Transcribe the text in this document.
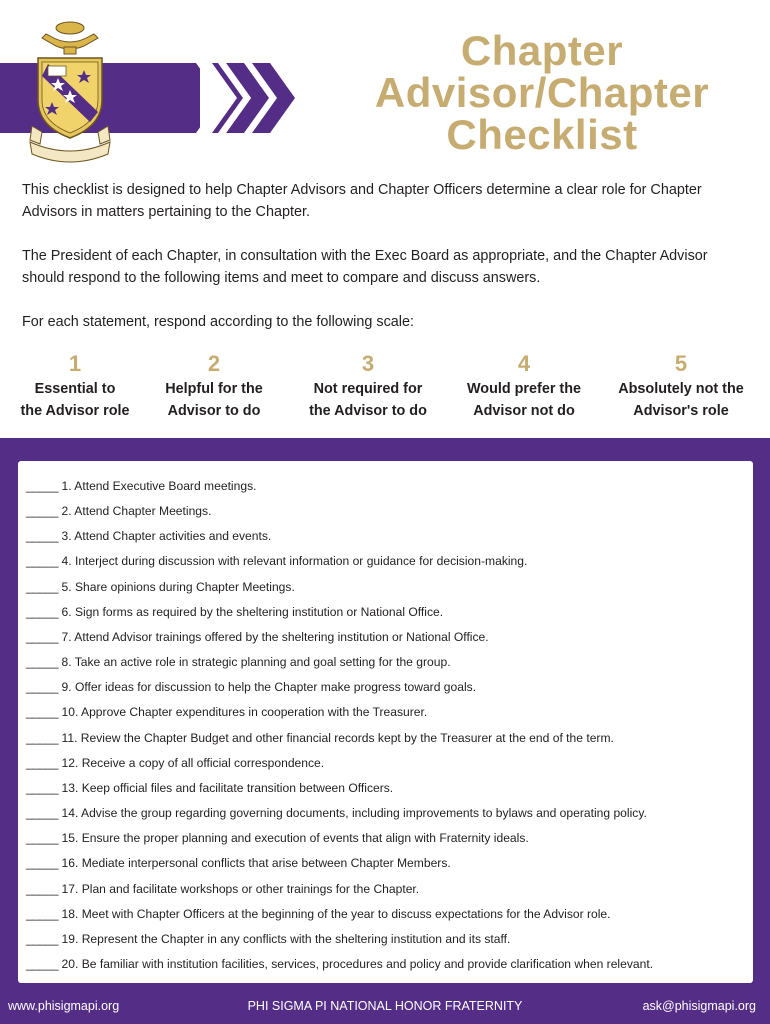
Chapter
Advisor/Chapter
Checklist

This checklist is designed to help Chapter Advisors and Chapter Officers determine a clear role for Chapter Advisors in matters pertaining to the Chapter.

The President of each Chapter, in consultation with the Exec Board as appropriate, and the Chapter Advisor should respond to the following items and meet to compare and discuss answers.

For each statement, respond according to the following scale:

1
Essential to
the Advisor role
2
Helpful for the
Advisor to do
3
Not required for
the Advisor to do
4
Would prefer the
Advisor not do
5
Absolutely not the
Advisor's role
_____ 1. Attend Executive Board meetings.
_____ 2. Attend Chapter Meetings.
_____ 3. Attend Chapter activities and events.
_____ 4. Interject during discussion with relevant information or guidance for decision-making.
_____ 5. Share opinions during Chapter Meetings.
_____ 6. Sign forms as required by the sheltering institution or National Office.
_____ 7. Attend Advisor trainings offered by the sheltering institution or National Office.
_____ 8. Take an active role in strategic planning and goal setting for the group.
_____ 9. Offer ideas for discussion to help the Chapter make progress toward goals.
_____ 10. Approve Chapter expenditures in cooperation with the Treasurer.
_____ 11. Review the Chapter Budget and other financial records kept by the Treasurer at the end of the term.
_____ 12. Receive a copy of all official correspondence.
_____ 13. Keep official files and facilitate transition between Officers.
_____ 14. Advise the group regarding governing documents, including improvements to bylaws and operating policy.
_____ 15. Ensure the proper planning and execution of events that align with Fraternity ideals.
_____ 16. Mediate interpersonal conflicts that arise between Chapter Members.
_____ 17. Plan and facilitate workshops or other trainings for the Chapter.
_____ 18. Meet with Chapter Officers at the beginning of the year to discuss expectations for the Advisor role.
_____ 19. Represent the Chapter in any conflicts with the sheltering institution and its staff.
_____ 20. Be familiar with institution facilities, services, procedures and policy and provide clarification when relevant.
www.phisigmapi.org	PHI SIGMA PI NATIONAL HONOR FRATERNITY	ask@phisigmapi.org
